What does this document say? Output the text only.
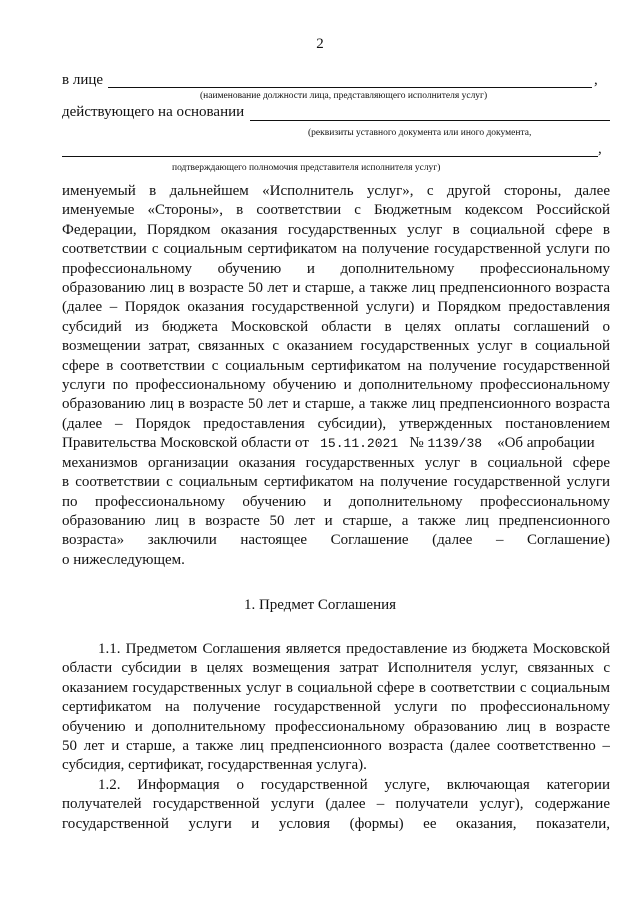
2
в лице	,
(наименование должности лица, представляющего исполнителя услуг)
действующего на основании
(реквизиты уставного документа или иного документа,
,
подтверждающего полномочия представителя исполнителя услуг)
именуемый в дальнейшем «Исполнитель услуг», с другой стороны, далее
именуемые «Стороны», в соответствии с Бюджетным кодексом Российской
Федерации, Порядком оказания государственных услуг в социальной сфере в
соответствии с социальным сертификатом на получение государственной услуги по
профессиональному обучению и дополнительному профессиональному
образованию лиц в возрасте 50 лет и старше, а также лиц предпенсионного возраста
(далее – Порядок оказания государственной услуги) и Порядком предоставления
субсидий из бюджета Московской области в целях оплаты соглашений о
возмещении затрат, связанных с оказанием государственных услуг в социальной
сфере в соответствии с социальным сертификатом на получение государственной
услуги по профессиональному обучению и дополнительному профессиональному
образованию лиц в возрасте 50 лет и старше, а также лиц предпенсионного возраста
(далее – Порядок предоставления субсидии), утвержденных постановлением
Правительства Московской области от 15.11.2021 № 1139/38 «Об апробации
механизмов организации оказания государственных услуг в социальной сфере
в соответствии с социальным сертификатом на получение государственной услуги
по профессиональному обучению и дополнительному профессиональному
образованию лиц в возрасте 50 лет и старше, а также лиц предпенсионного
возраста» заключили настоящее Соглашение (далее – Соглашение)
о нижеследующем.
1. Предмет Соглашения
1.1. Предметом Соглашения является предоставление из бюджета Московской
области субсидии в целях возмещения затрат Исполнителя услуг, связанных с
оказанием государственных услуг в социальной сфере в соответствии с социальным
сертификатом на получение государственной услуги по профессиональному
обучению и дополнительному профессиональному образованию лиц в возрасте
50 лет и старше, а также лиц предпенсионного возраста (далее соответственно –
субсидия, сертификат, государственная услуга).
1.2. Информация о государственной услуге, включающая категории
получателей государственной услуги (далее – получатели услуг), содержание
государственной услуги и условия (формы) ее оказания, показатели,
